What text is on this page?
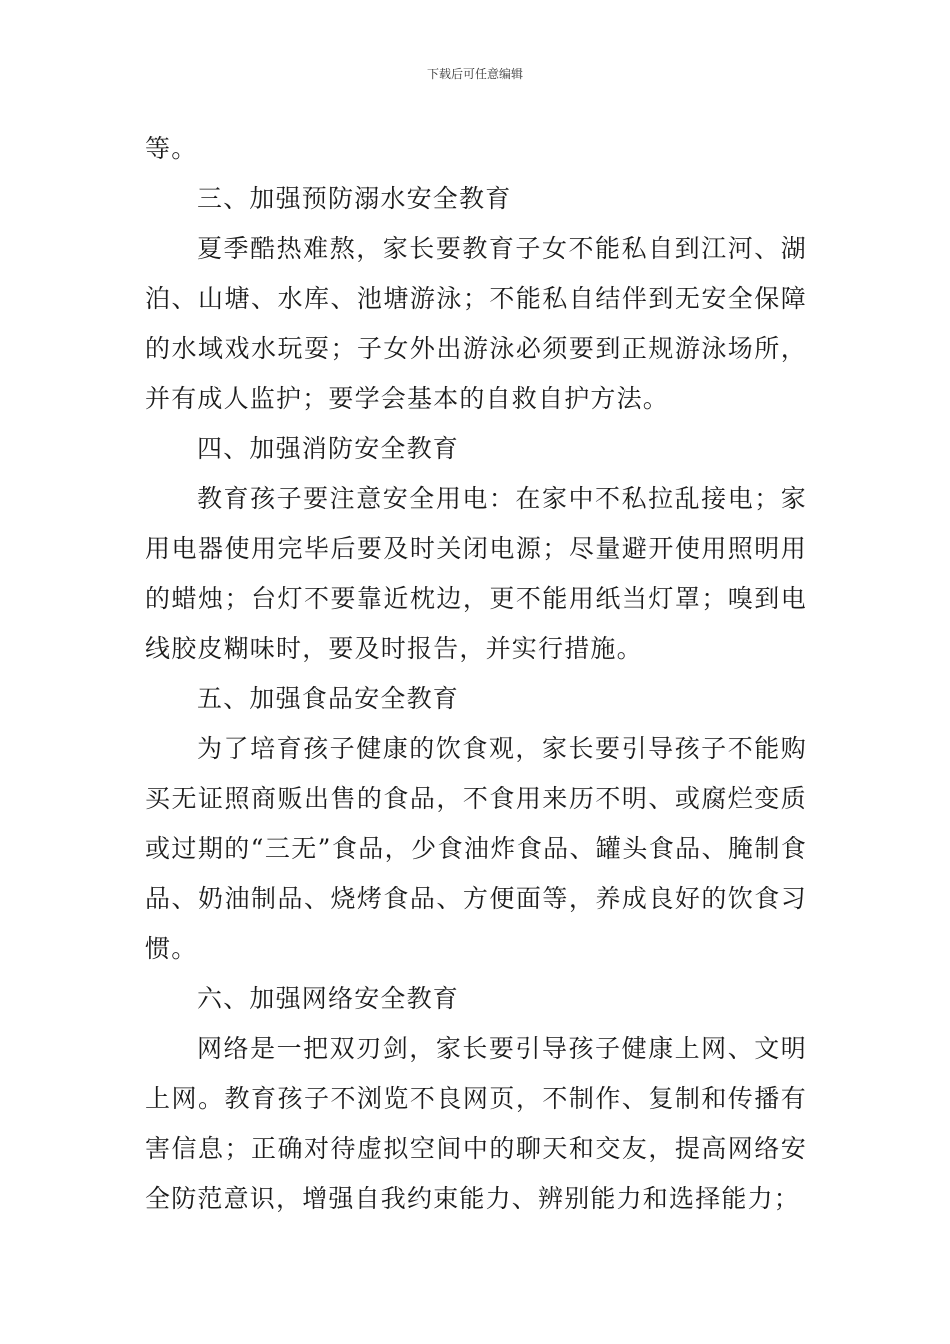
下载后可任意编辑

等。

三、加强预防溺水安全教育

夏季酷热难熬，家长要教育子女不能私自到江河、湖泊、山塘、水库、池塘游泳；不能私自结伴到无安全保障的水域戏水玩耍；子女外出游泳必须要到正规游泳场所，并有成人监护；要学会基本的自救自护方法。

四、加强消防安全教育

教育孩子要注意安全用电：在家中不私拉乱接电；家用电器使用完毕后要及时关闭电源；尽量避开使用照明用的蜡烛；台灯不要靠近枕边，更不能用纸当灯罩；嗅到电线胶皮糊味时，要及时报告，并实行措施。

五、加强食品安全教育

为了培育孩子健康的饮食观，家长要引导孩子不能购买无证照商贩出售的食品，不食用来历不明、或腐烂变质或过期的“三无”食品，少食油炸食品、罐头食品、腌制食品、奶油制品、烧烤食品、方便面等，养成良好的饮食习惯。

六、加强网络安全教育

网络是一把双刃剑，家长要引导孩子健康上网、文明上网。教育孩子不浏览不良网页，不制作、复制和传播有害信息；正确对待虚拟空间中的聊天和交友，提高网络安全防范意识，增强自我约束能力、辨别能力和选择能力；
